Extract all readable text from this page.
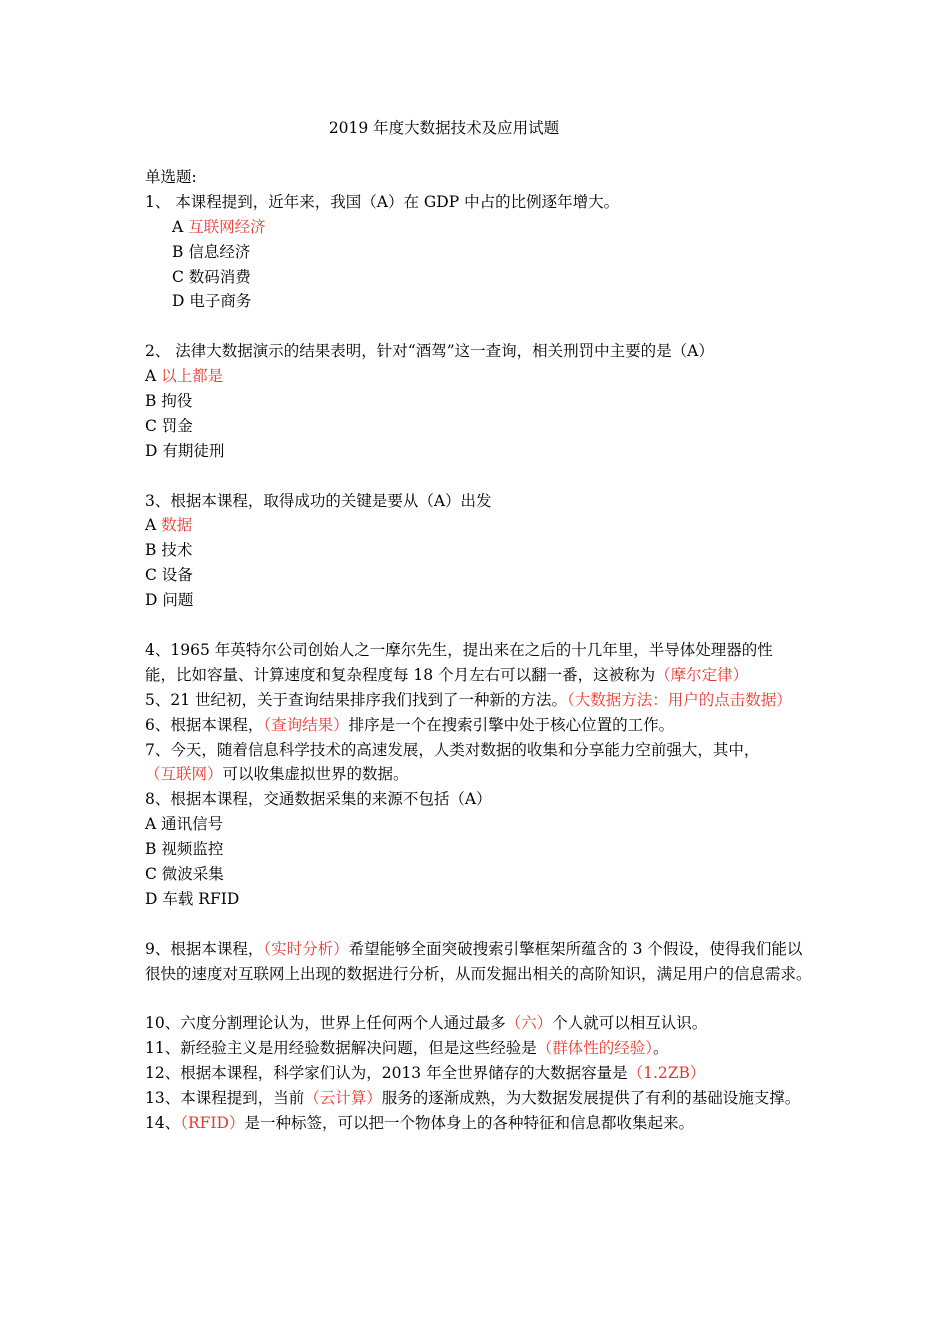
2019 年度大数据技术及应用试题
单选题:
1、 本课程提到，近年来，我国（A）在 GDP 中占的比例逐年增大。
A 互联网经济
B 信息经济
C 数码消费
D 电子商务
2、 法律大数据演示的结果表明，针对“酒驾”这一查询，相关刑罚中主要的是（A）
A 以上都是
B 拘役
C 罚金
D 有期徒刑
3、根据本课程，取得成功的关键是要从（A）出发
A 数据
B 技术
C 设备
D 问题
4、1965 年英特尔公司创始人之一摩尔先生，提出来在之后的十几年里，半导体处理器的性
能，比如容量、计算速度和复杂程度每 18 个月左右可以翻一番，这被称为（摩尔定律）
5、21 世纪初，关于查询结果排序我们找到了一种新的方法。（大数据方法：用户的点击数据）
6、根据本课程，（查询结果）排序是一个在搜索引擎中处于核心位置的工作。
7、今天，随着信息科学技术的高速发展，人类对数据的收集和分享能力空前强大，其中，
（互联网）可以收集虚拟世界的数据。
8、根据本课程，交通数据采集的来源不包括（A）
A 通讯信号
B 视频监控
C 微波采集
D 车载 RFID
9、根据本课程，（实时分析）希望能够全面突破搜索引擎框架所蕴含的 3 个假设，使得我们能以很快的速度对互联网上出现的数据进行分析，从而发掘出相关的高阶知识，满足用户的信息需求。
10、六度分割理论认为，世界上任何两个人通过最多（六）个人就可以相互认识。
11、新经验主义是用经验数据解决问题，但是这些经验是（群体性的经验）。
12、根据本课程，科学家们认为，2013 年全世界储存的大数据容量是（1.2ZB）
13、本课程提到，当前（云计算）服务的逐渐成熟，为大数据发展提供了有利的基础设施支撑。
14、（RFID）是一种标签，可以把一个物体身上的各种特征和信息都收集起来。
